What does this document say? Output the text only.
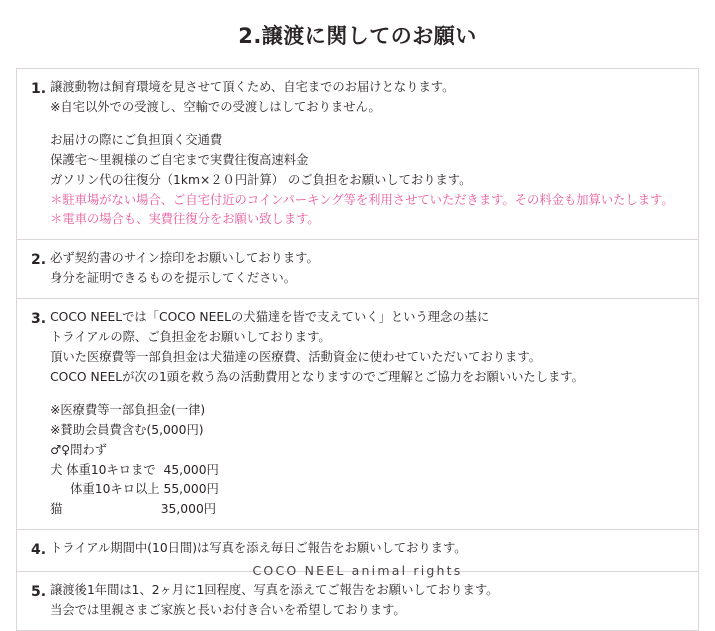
2.譲渡に関してのお願い
1. 譲渡動物は飼育環境を見させて頂くため、自宅までのお届けとなります。

※自宅以外での受渡し、空輸での受渡しはしておりません。

お届けの際にご負担頂く交通費

保護宅〜里親様のご自宅まで実費往復高速料金

ガソリン代の往復分（1km×２０円計算） のご負担をお願いしております。

＊駐車場がない場合、ご自宅付近のコインパーキング等を利用させていただきます。その料金も加算いたします。

＊電車の場合も、実費往復分をお願い致します。

2. 必ず契約書のサイン捺印をお願いしております。

身分を証明できるものを提示してください。

3. COCO NEELでは「COCO NEELの犬猫達を皆で支えていく」という理念の基に

トライアルの際、ご負担金をお願いしております。

頂いた医療費等一部負担金は犬猫達の医療費、活動資金に使わせていただいております。

COCO NEELが次の1頭を救う為の活動費用となりますのでご理解とご協力をお願いいたします。

※医療費等一部負担金(一律)

※賛助会員費含む(5,000円)

♂♀問わず

犬 体重10キロまで  45,000円

　  体重10キロ以上 55,000円

猫　　　　　　　　35,000円

4. トライアル期間中(10日間)は写真を添え毎日ご報告をお願いしております。

5. 譲渡後1年間は1、2ヶ月に1回程度、写真を添えてご報告をお願いしております。

当会では里親さまご家族と長いお付き合いを希望しております。

COCO NEEL animal rights
